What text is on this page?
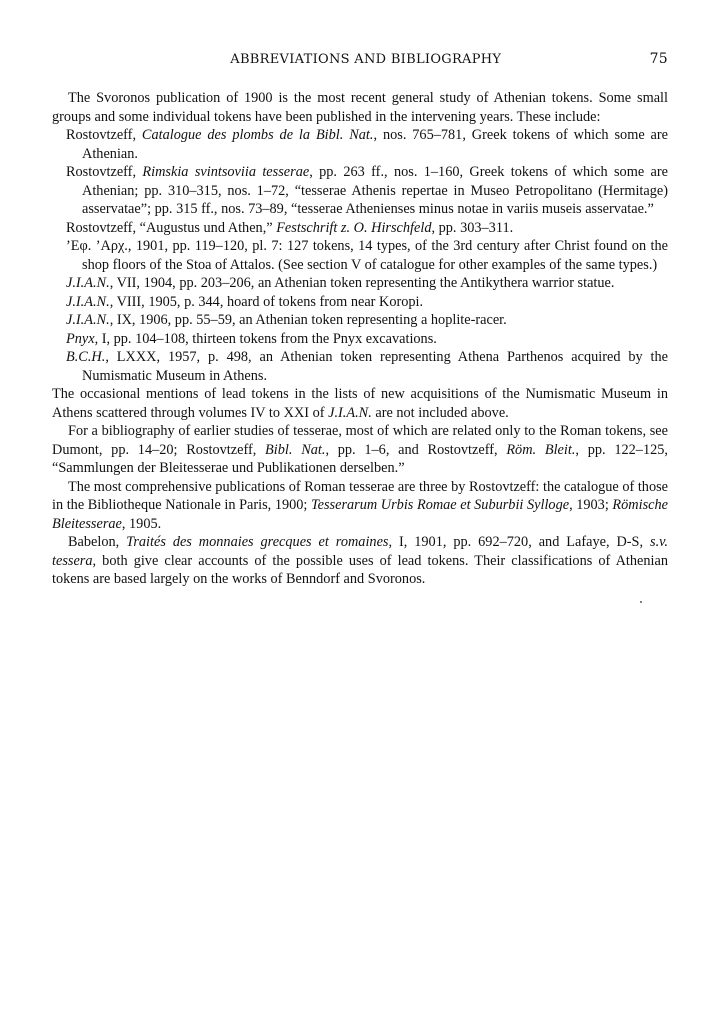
ABBREVIATIONS AND BIBLIOGRAPHY	75

The Svoronos publication of 1900 is the most recent general study of Athenian tokens. Some small groups and some individual tokens have been published in the intervening years. These include:

Rostovtzeff, Catalogue des plombs de la Bibl. Nat., nos. 765–781, Greek tokens of which some are Athenian.

Rostovtzeff, Rimskia svintsoviia tesserae, pp. 263 ff., nos. 1–160, Greek tokens of which some are Athenian; pp. 310–315, nos. 1–72, “tesserae Athenis repertae in Museo Petropolitano (Hermitage) asservatae”; pp. 315 ff., nos. 73–89, “tesserae Athenienses minus notae in variis museis asservatae.”

Rostovtzeff, “Augustus und Athen,” Festschrift z. O. Hirschfeld, pp. 303–311.

’Εφ. ’Αρχ., 1901, pp. 119–120, pl. 7: 127 tokens, 14 types, of the 3rd century after Christ found on the shop floors of the Stoa of Attalos. (See section V of catalogue for other examples of the same types.)

J.I.A.N., VII, 1904, pp. 203–206, an Athenian token representing the Antikythera warrior statue.

J.I.A.N., VIII, 1905, p. 344, hoard of tokens from near Koropi.

J.I.A.N., IX, 1906, pp. 55–59, an Athenian token representing a hoplite-racer.

Pnyx, I, pp. 104–108, thirteen tokens from the Pnyx excavations.

B.C.H., LXXX, 1957, p. 498, an Athenian token representing Athena Parthenos acquired by the Numismatic Museum in Athens.

The occasional mentions of lead tokens in the lists of new acquisitions of the Numismatic Museum in Athens scattered through volumes IV to XXI of J.I.A.N. are not included above.

For a bibliography of earlier studies of tesserae, most of which are related only to the Roman tokens, see Dumont, pp. 14–20; Rostovtzeff, Bibl. Nat., pp. 1–6, and Rostovtzeff, Röm. Bleit., pp. 122–125, “Sammlungen der Bleitesserae und Publikationen derselben.”

The most comprehensive publications of Roman tesserae are three by Rostovtzeff: the catalogue of those in the Bibliotheque Nationale in Paris, 1900; Tesserarum Urbis Romae et Suburbii Sylloge, 1903; Römische Bleitesserae, 1905.

Babelon, Traités des monnaies grecques et romaines, I, 1901, pp. 692–720, and Lafaye, D-S, s.v. tessera, both give clear accounts of the possible uses of lead tokens. Their classifications of Athenian tokens are based largely on the works of Benndorf and Svoronos.
